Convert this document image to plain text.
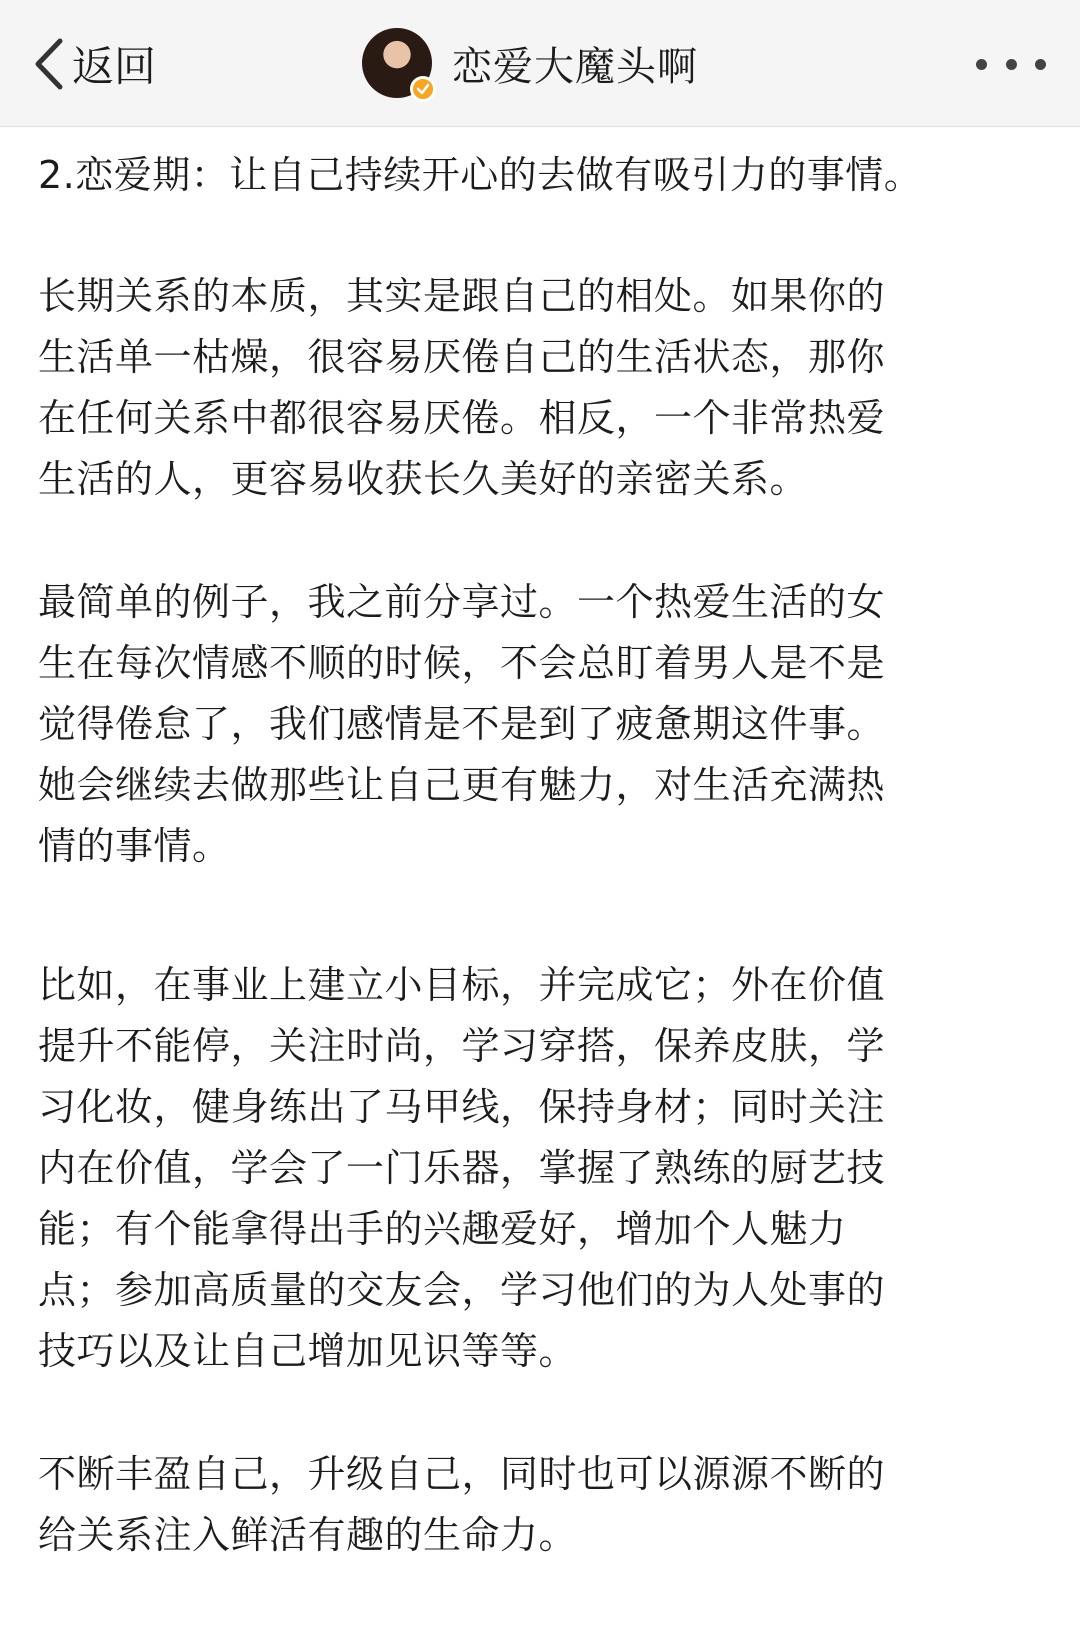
返回	恋爱大魔头啊

2.恋爱期：让自己持续开心的去做有吸引力的事情。

长期关系的本质，其实是跟自己的相处。如果你的
生活单一枯燥，很容易厌倦自己的生活状态，那你
在任何关系中都很容易厌倦。相反，一个非常热爱
生活的人，更容易收获长久美好的亲密关系。

最简单的例子，我之前分享过。一个热爱生活的女
生在每次情感不顺的时候，不会总盯着男人是不是
觉得倦怠了，我们感情是不是到了疲惫期这件事。
她会继续去做那些让自己更有魅力，对生活充满热
情的事情。

比如，在事业上建立小目标，并完成它；外在价值
提升不能停，关注时尚，学习穿搭，保养皮肤，学
习化妆，健身练出了马甲线，保持身材；同时关注
内在价值，学会了一门乐器，掌握了熟练的厨艺技
能；有个能拿得出手的兴趣爱好，增加个人魅力
点；参加高质量的交友会，学习他们的为人处事的
技巧以及让自己增加见识等等。

不断丰盈自己，升级自己，同时也可以源源不断的
给关系注入鲜活有趣的生命力。
